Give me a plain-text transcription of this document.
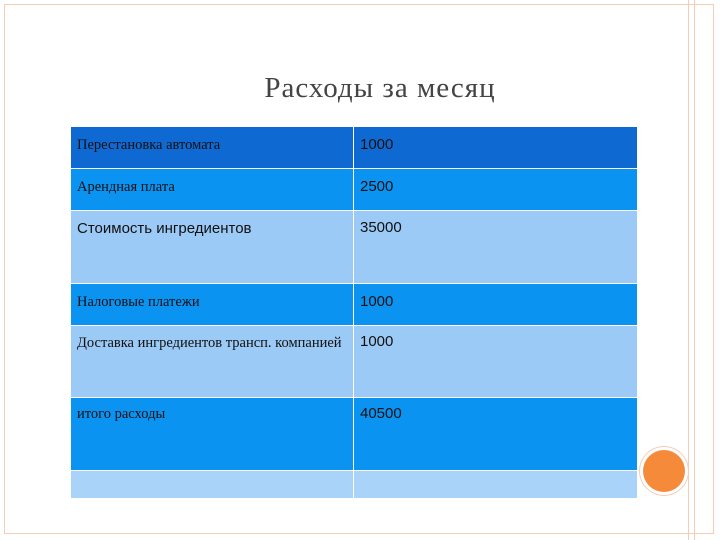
Расходы за месяц
Перестановка автомата	1000
Арендная плата	2500
Стоимость ингредиентов	35000
Налоговые платежи	1000
Доставка ингредиентов трансп. компанией	1000
итого расходы	40500
